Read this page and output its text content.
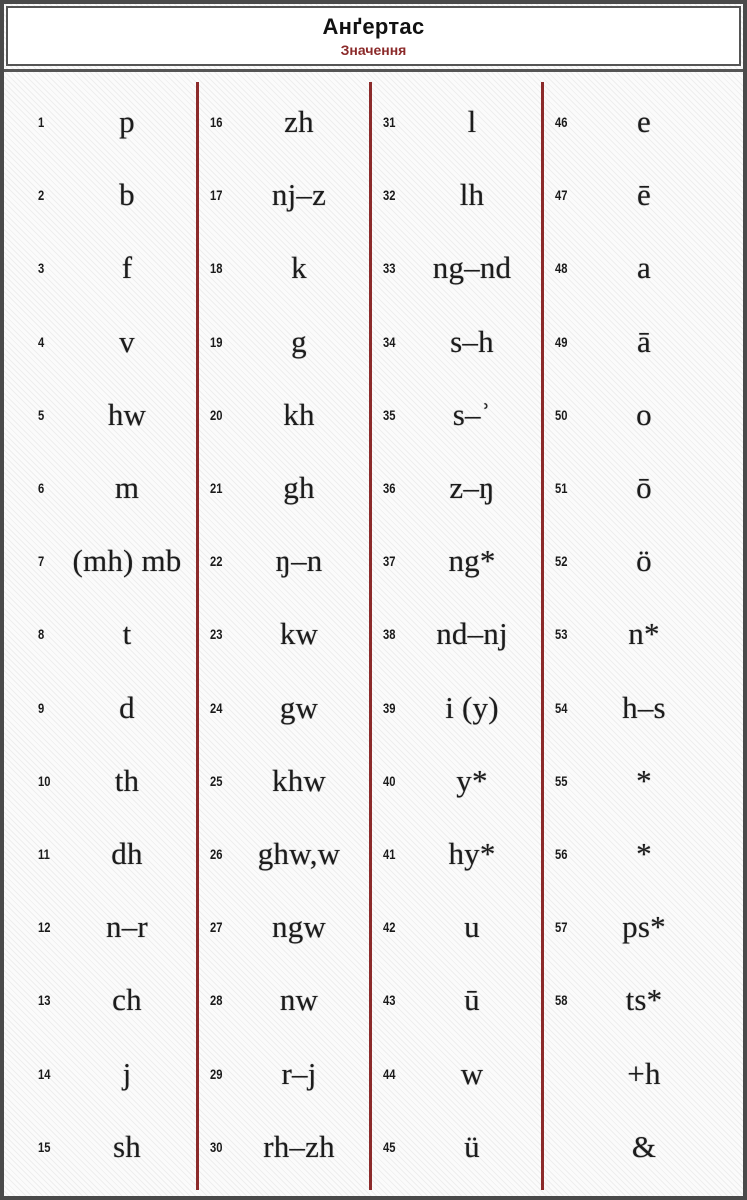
Анґертас
Значення
1	p
2	b
3	f
4	v
5	hw
6	m
7 (mh) mb
8	t
9	d
10	th
11	dh
12	n–r
13	ch
14	j
15	sh
16	zh
17	nj–z
18	k
19	g
20	kh
21	gh
22	ŋ–n
23	kw
24	gw
25	khw
26	ghw,w
27	ngw
28	nw
29	r–j
30	rh–zh
31	l
32	lh
33	ng–nd
34	s–h
35	s–ʾ
36	z–ŋ
37	ng*
38	nd–nj
39	i (y)
40	y*
41	hy*
42	u
43	ū
44	w
45	ü
46	e
47	ē
48	a
49	ā
50	o
51	ō
52	ö
53	n*
54	h–s
55	*
56	*
57	ps*
58	ts*
+h
&
